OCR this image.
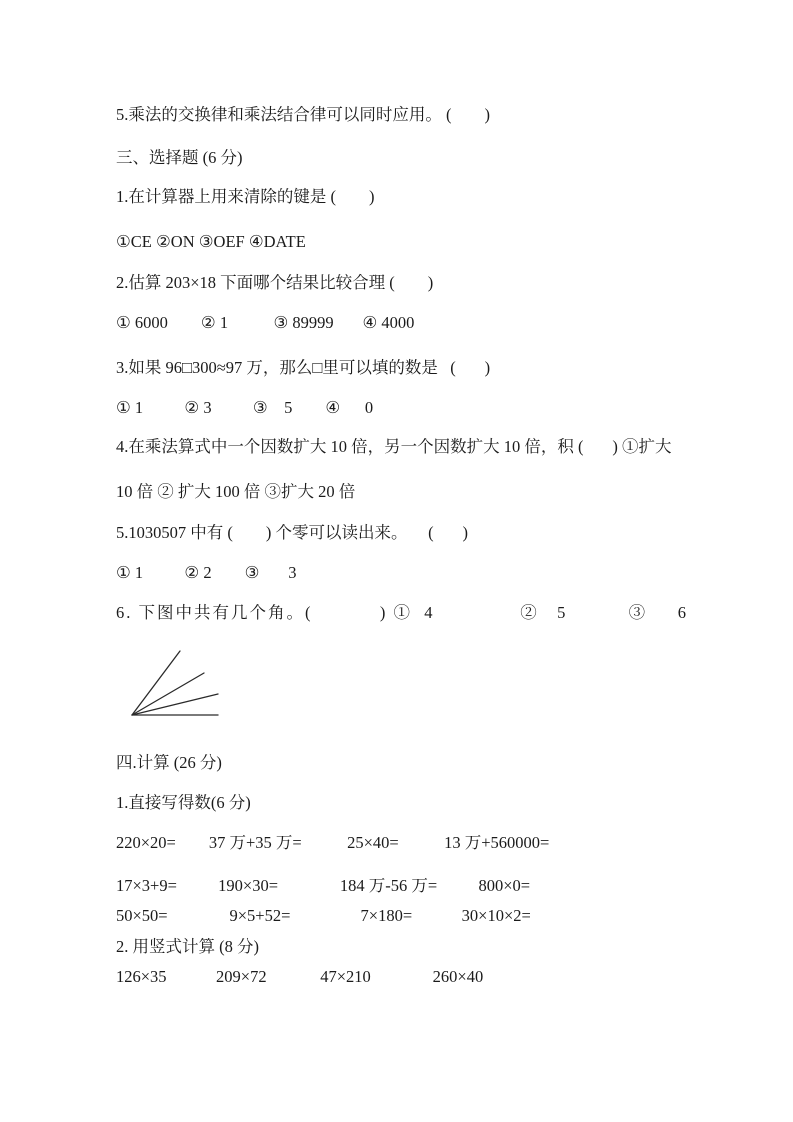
5.乘法的交换律和乘法结合律可以同时应用。 (        )
三、选择题 (6 分)
1.在计算器上用来清除的键是 (        )
①CE ②ON ③OEF ④DATE
2.估算 203×18 下面哪个结果比较合理 (        )
① 6000        ② 1           ③ 89999       ④ 4000
3.如果 96□300≈97 万，那么□里可以填的数是   (       )
① 1          ② 3          ③    5        ④      0
4.在乘法算式中一个因数扩大 10 倍，另一个因数扩大 10 倍，积 (       ) ①扩大
10 倍 ② 扩大 100 倍 ③扩大 20 倍
5.1030507 中有 (        ) 个零可以读出来。     (       )
① 1          ② 2        ③       3
6. 下图中共有几个角。(           ) ①  4              ②   5          ③     6
四.计算 (26 分)
1.直接写得数(6 分)
220×20=        37 万+35 万=           25×40=           13 万+560000=
17×3+9=          190×30=               184 万-56 万=          800×0=
50×50=               9×5+52=                 7×180=            30×10×2=
2. 用竖式计算 (8 分)
126×35            209×72             47×210               260×40
